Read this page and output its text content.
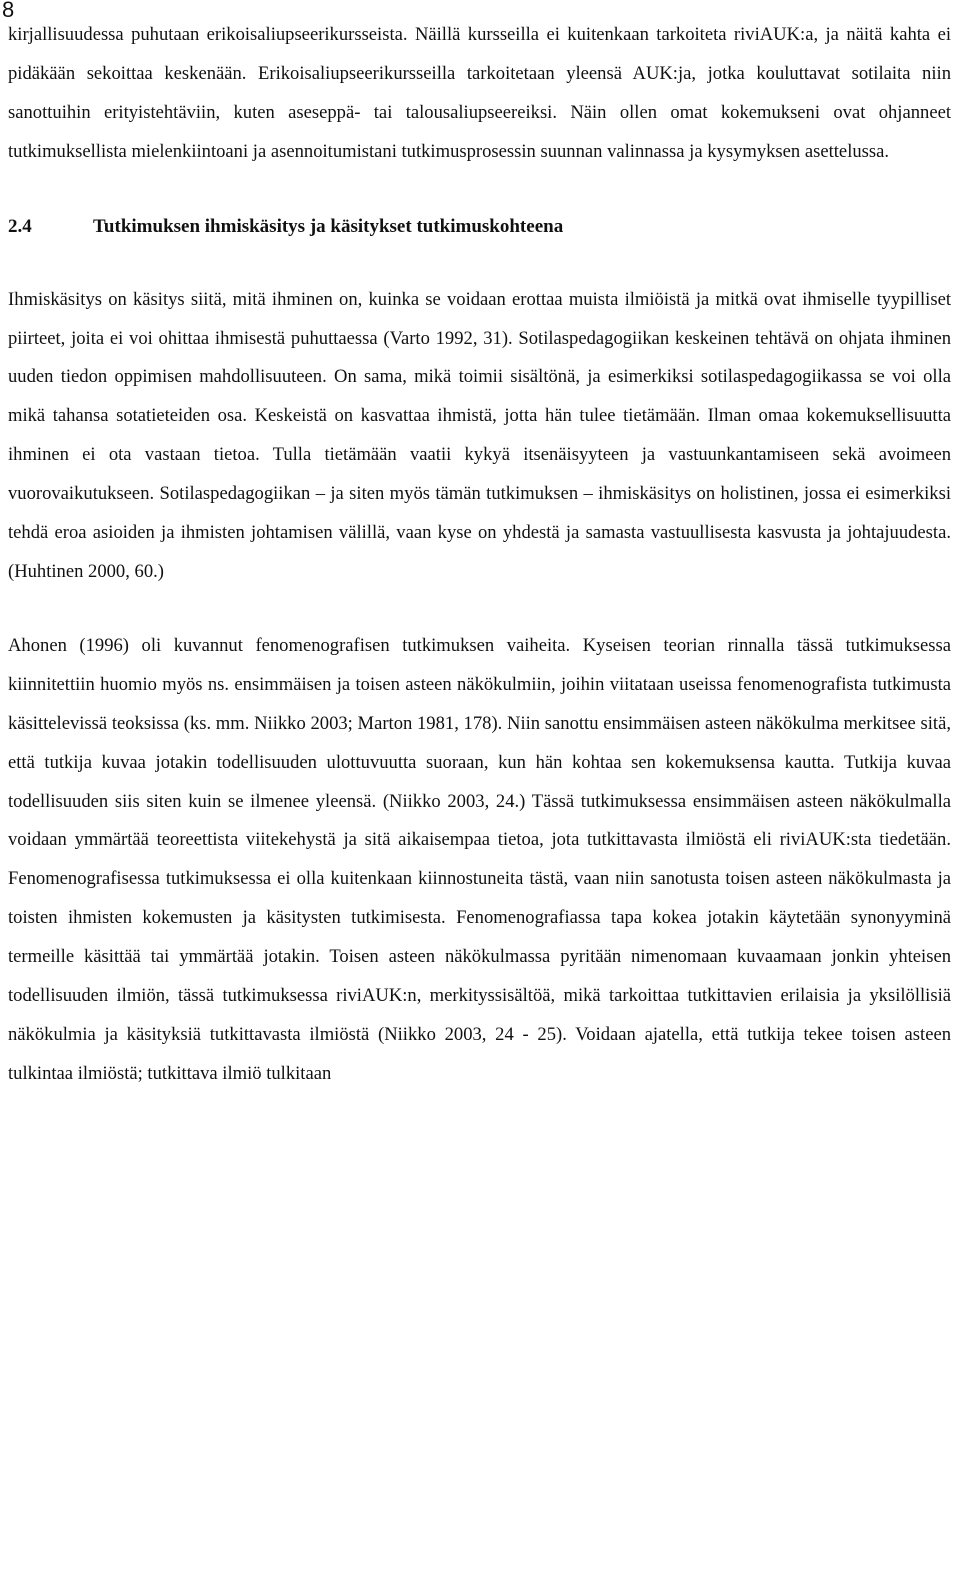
8

kirjallisuudessa puhutaan erikoisaliupseerikursseista. Näillä kursseilla ei kuitenkaan tarkoiteta riviAUK:a, ja näitä kahta ei pidäkään sekoittaa keskenään. Erikoisaliupseerikursseilla tarkoitetaan yleensä AUK:ja, jotka kouluttavat sotilaita niin sanottuihin erityistehtäviin, kuten aseseppä- tai talousaliupseereiksi. Näin ollen omat kokemukseni ovat ohjanneet tutkimuksellista mielenkiintoani ja asennoitumistani tutkimusprosessin suunnan valinnassa ja kysymyksen asettelussa.

2.4	Tutkimuksen ihmiskäsitys ja käsitykset tutkimuskohteena

Ihmiskäsitys on käsitys siitä, mitä ihminen on, kuinka se voidaan erottaa muista ilmiöistä ja mitkä ovat ihmiselle tyypilliset piirteet, joita ei voi ohittaa ihmisestä puhuttaessa (Varto 1992, 31). Sotilaspedagogiikan keskeinen tehtävä on ohjata ihminen uuden tiedon oppimisen mahdollisuuteen. On sama, mikä toimii sisältönä, ja esimerkiksi sotilaspedagogiikassa se voi olla mikä tahansa sotatieteiden osa. Keskeistä on kasvattaa ihmistä, jotta hän tulee tietämään. Ilman omaa kokemuksellisuutta ihminen ei ota vastaan tietoa. Tulla tietämään vaatii kykyä itsenäisyyteen ja vastuunkantamiseen sekä avoimeen vuorovaikutukseen. Sotilaspedagogiikan – ja siten myös tämän tutkimuksen – ihmiskäsitys on holistinen, jossa ei esimerkiksi tehdä eroa asioiden ja ihmisten johtamisen välillä, vaan kyse on yhdestä ja samasta vastuullisesta kasvusta ja johtajuudesta. (Huhtinen 2000, 60.)

Ahonen (1996) oli kuvannut fenomenografisen tutkimuksen vaiheita. Kyseisen teorian rinnalla tässä tutkimuksessa kiinnitettiin huomio myös ns. ensimmäisen ja toisen asteen näkökulmiin, joihin viitataan useissa fenomenografista tutkimusta käsittelevissä teoksissa (ks. mm. Niikko 2003; Marton 1981, 178). Niin sanottu ensimmäisen asteen näkökulma merkitsee sitä, että tutkija kuvaa jotakin todellisuuden ulottuvuutta suoraan, kun hän kohtaa sen kokemuksensa kautta. Tutkija kuvaa todellisuuden siis siten kuin se ilmenee yleensä. (Niikko 2003, 24.) Tässä tutkimuksessa ensimmäisen asteen näkökulmalla voidaan ymmärtää teoreettista viitekehystä ja sitä aikaisempaa tietoa, jota tutkittavasta ilmiöstä eli riviAUK:sta tiedetään. Fenomenografisessa tutkimuksessa ei olla kuitenkaan kiinnostuneita tästä, vaan niin sanotusta toisen asteen näkökulmasta ja toisten ihmisten kokemusten ja käsitysten tutkimisesta. Fenomenografiassa tapa kokea jotakin käytetään synonyyminä termeille käsittää tai ymmärtää jotakin. Toisen asteen näkökulmassa pyritään nimenomaan kuvaamaan jonkin yhteisen todellisuuden ilmiön, tässä tutkimuksessa riviAUK:n, merkityssisältöä, mikä tarkoittaa tutkittavien erilaisia ja yksilöllisiä näkökulmia ja käsityksiä tutkittavasta ilmiöstä (Niikko 2003, 24 - 25). Voidaan ajatella, että tutkija tekee toisen asteen tulkintaa ilmiöstä; tutkittava ilmiö tulkitaan
